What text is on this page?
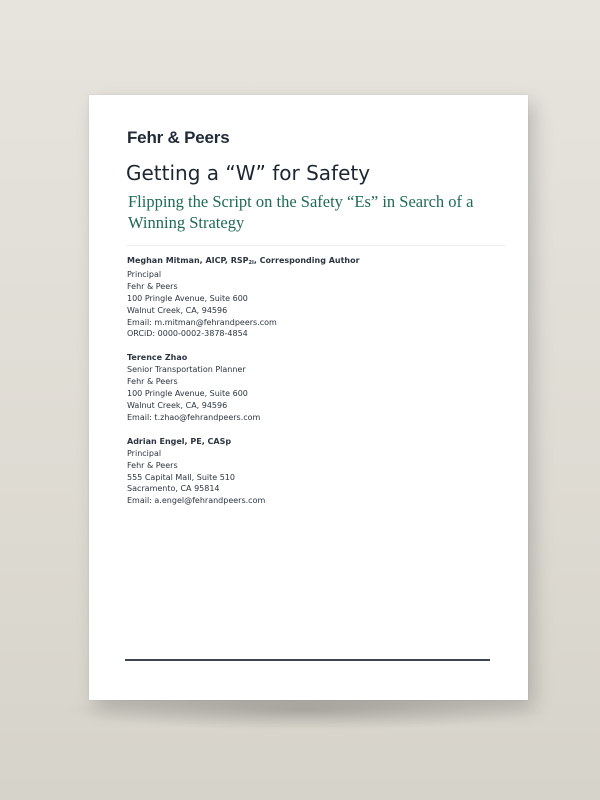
Fehr & Peers
Getting a “W” for Safety
Flipping the Script on the Safety “Es” in Search of a Winning Strategy
Meghan Mitman, AICP, $RSP_{2I}$, Corresponding Author
Principal
Fehr & Peers
100 Pringle Avenue, Suite 600
Walnut Creek, CA, 94596
Email: m.mitman@fehrandpeers.com
ORCiD: 0000-0002-3878-4854
Terence Zhao
Senior Transportation Planner
Fehr & Peers
100 Pringle Avenue, Suite 600
Walnut Creek, CA, 94596
Email: t.zhao@fehrandpeers.com
Adrian Engel, PE, CASp
Principal
Fehr & Peers
555 Capital Mall, Suite 510
Sacramento, CA 95814
Email: a.engel@fehrandpeers.com
